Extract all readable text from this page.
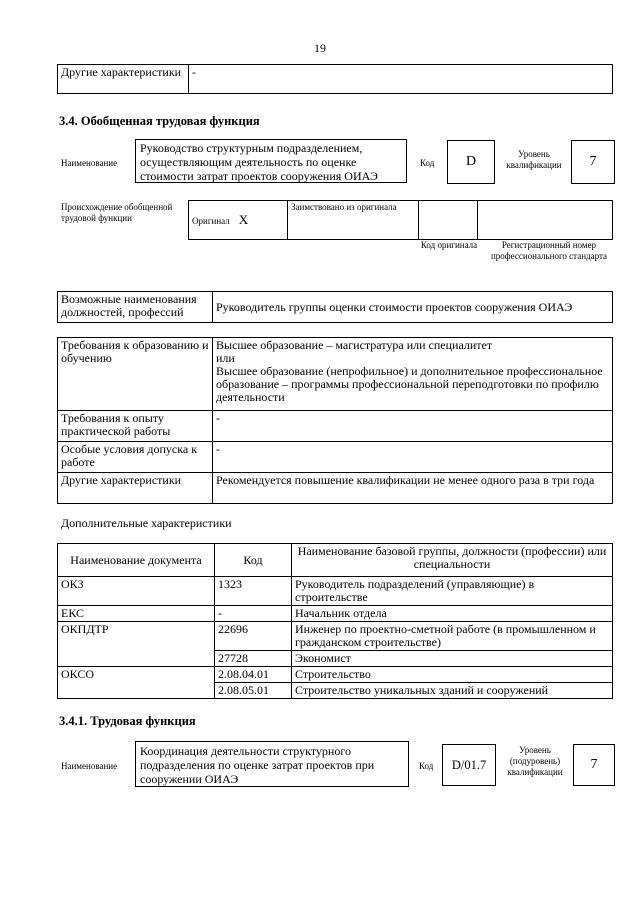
19
Другие характеристики	-
3.4. Обобщенная трудовая функция
Наименование
Руководство структурным подразделением, осуществляющим деятельность по оценке стоимости затрат проектов сооружения ОИАЭ
Код	D	Уровень квалификации	7
Происхождение обобщенной трудовой функции	Оригинал X	Заимствовано из оригинала		
Код оригинала	Регистрационный номер профессионального стандарта
Возможные наименования должностей, профессий	Руководитель группы оценки стоимости проектов сооружения ОИАЭ
Требования к образованию и обучению	Высшее образование – магистратура или специалитет
или
Высшее образование (непрофильное) и дополнительное профессиональное образование – программы профессиональной переподготовки по профилю деятельности

Требования к опыту практической работы	-
Особые условия допуска к работе	-
Другие характеристики	Рекомендуется повышение квалификации не менее одного раза в три года
Дополнительные характеристики
Наименование документа	Код	Наименование базовой группы, должности (профессии) или специальности
ОКЗ	1323	Руководитель подразделений (управляющие) в строительстве
ЕКС	-	Начальник отдела
ОКПДТР	22696	Инженер по проектно-сметной работе (в промышленном и гражданском строительстве)
	27728	Экономист
ОКСО	2.08.04.01	Строительство
	2.08.05.01	Строительство уникальных зданий и сооружений
3.4.1. Трудовая функция
Наименование
Координация деятельности структурного подразделения по оценке затрат проектов при сооружении ОИАЭ
Код	D/01.7
Уровень (подуровень) квалификации	7
